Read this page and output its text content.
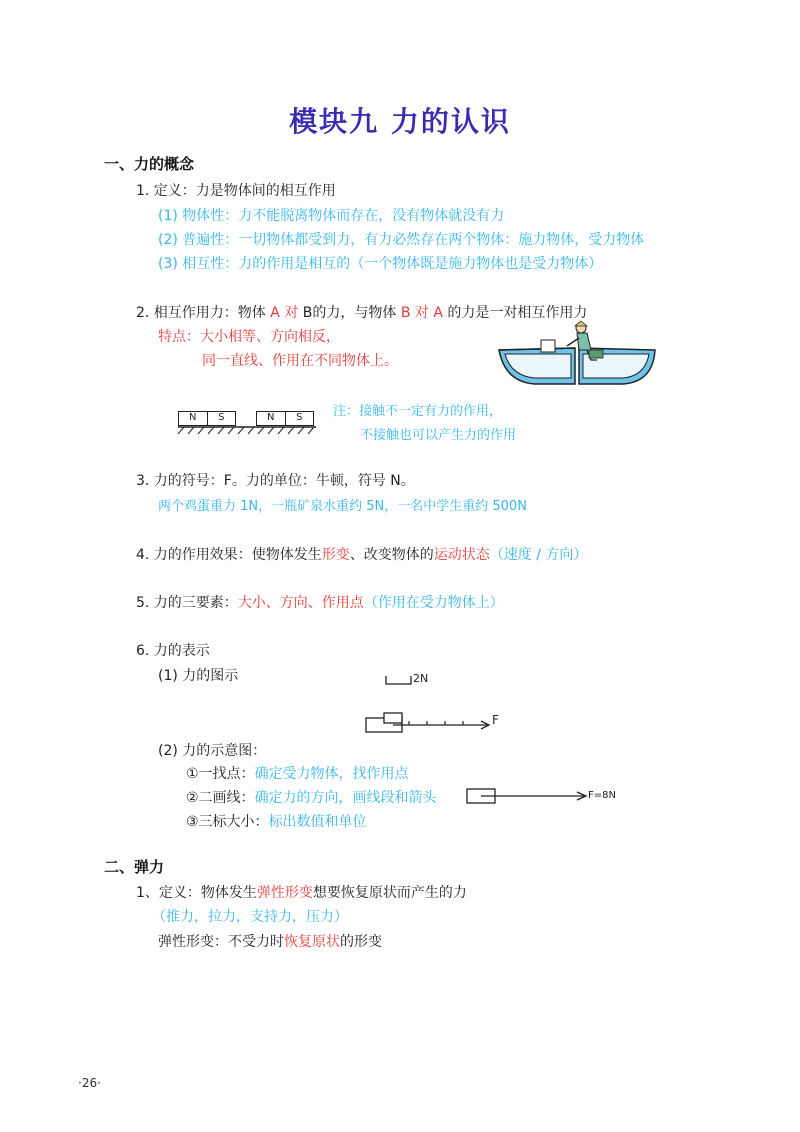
模块九 力的认识
一、力的概念
1. 定义：力是物体间的相互作用
(1) 物体性：力不能脱离物体而存在，没有物体就没有力
(2) 普遍性：一切物体都受到力，有力必然存在两个物体：施力物体，受力物体
(3) 相互性：力的作用是相互的（一个物体既是施力物体也是受力物体）
2. 相互作用力：物体 A 对 B的力，与物体 B 对 A 的力是一对相互作用力
特点：大小相等、方向相反，
同一直线、作用在不同物体上。
N	S	N	S	注：接触不一定有力的作用，
不接触也可以产生力的作用
3. 力的符号：F。力的单位：牛顿，符号 N。
两个鸡蛋重力 1N，一瓶矿泉水重约 5N，一名中学生重约 500N
4. 力的作用效果：使物体发生形变、改变物体的运动状态（速度 / 方向）
5. 力的三要素：大小、方向、作用点（作用在受力物体上）
6. 力的表示
(1) 力的图示	2N
F
(2) 力的示意图：
①一找点：确定受力物体，找作用点
②二画线：确定力的方向，画线段和箭头
③三标大小：标出数值和单位
F=8N
二、弹力
1、定义：物体发生弹性形变想要恢复原状而产生的力
（推力，拉力，支持力，压力）
弹性形变：不受力时恢复原状的形变
·26·
